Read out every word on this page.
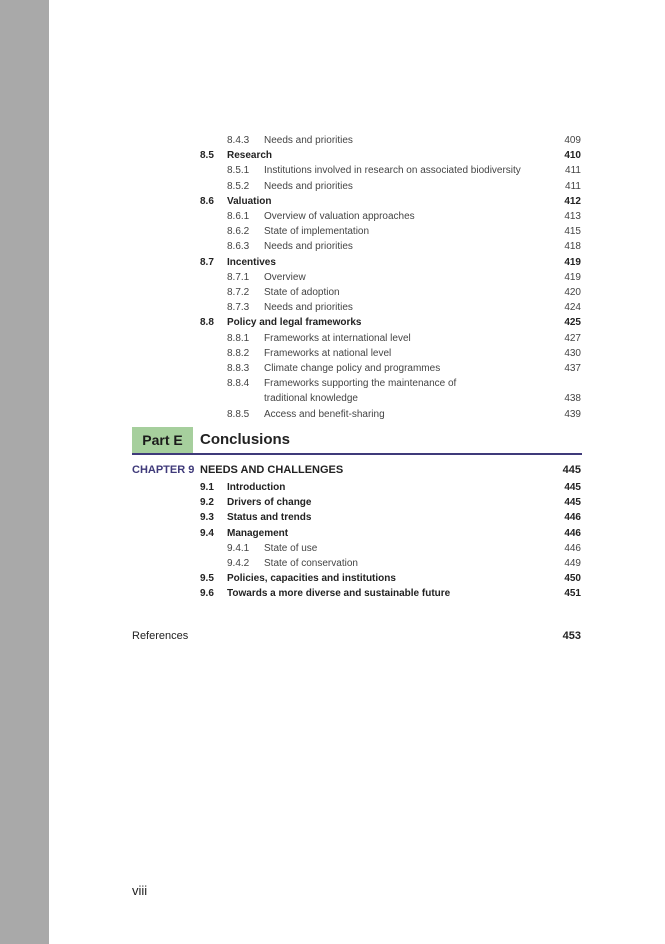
8.4.3 Needs and priorities	409
8.5 Research	410
8.5.1 Institutions involved in research on associated biodiversity	411
8.5.2 Needs and priorities	411
8.6 Valuation	412
8.6.1 Overview of valuation approaches	413
8.6.2 State of implementation	415
8.6.3 Needs and priorities	418
8.7 Incentives	419
8.7.1 Overview	419
8.7.2 State of adoption	420
8.7.3 Needs and priorities	424
8.8 Policy and legal frameworks	425
8.8.1 Frameworks at international level	427
8.8.2 Frameworks at national level	430
8.8.3 Climate change policy and programmes	437
8.8.4 Frameworks supporting the maintenance of
traditional knowledge	438
8.8.5 Access and benefit-sharing	439
Part E	Conclusions
CHAPTER 9 NEEDS AND CHALLENGES	445
9.1 Introduction	445
9.2 Drivers of change	445
9.3 Status and trends	446
9.4 Management	446
9.4.1 State of use	446
9.4.2 State of conservation	449
9.5 Policies, capacities and institutions	450
9.6 Towards a more diverse and sustainable future	451
References	453
viii
